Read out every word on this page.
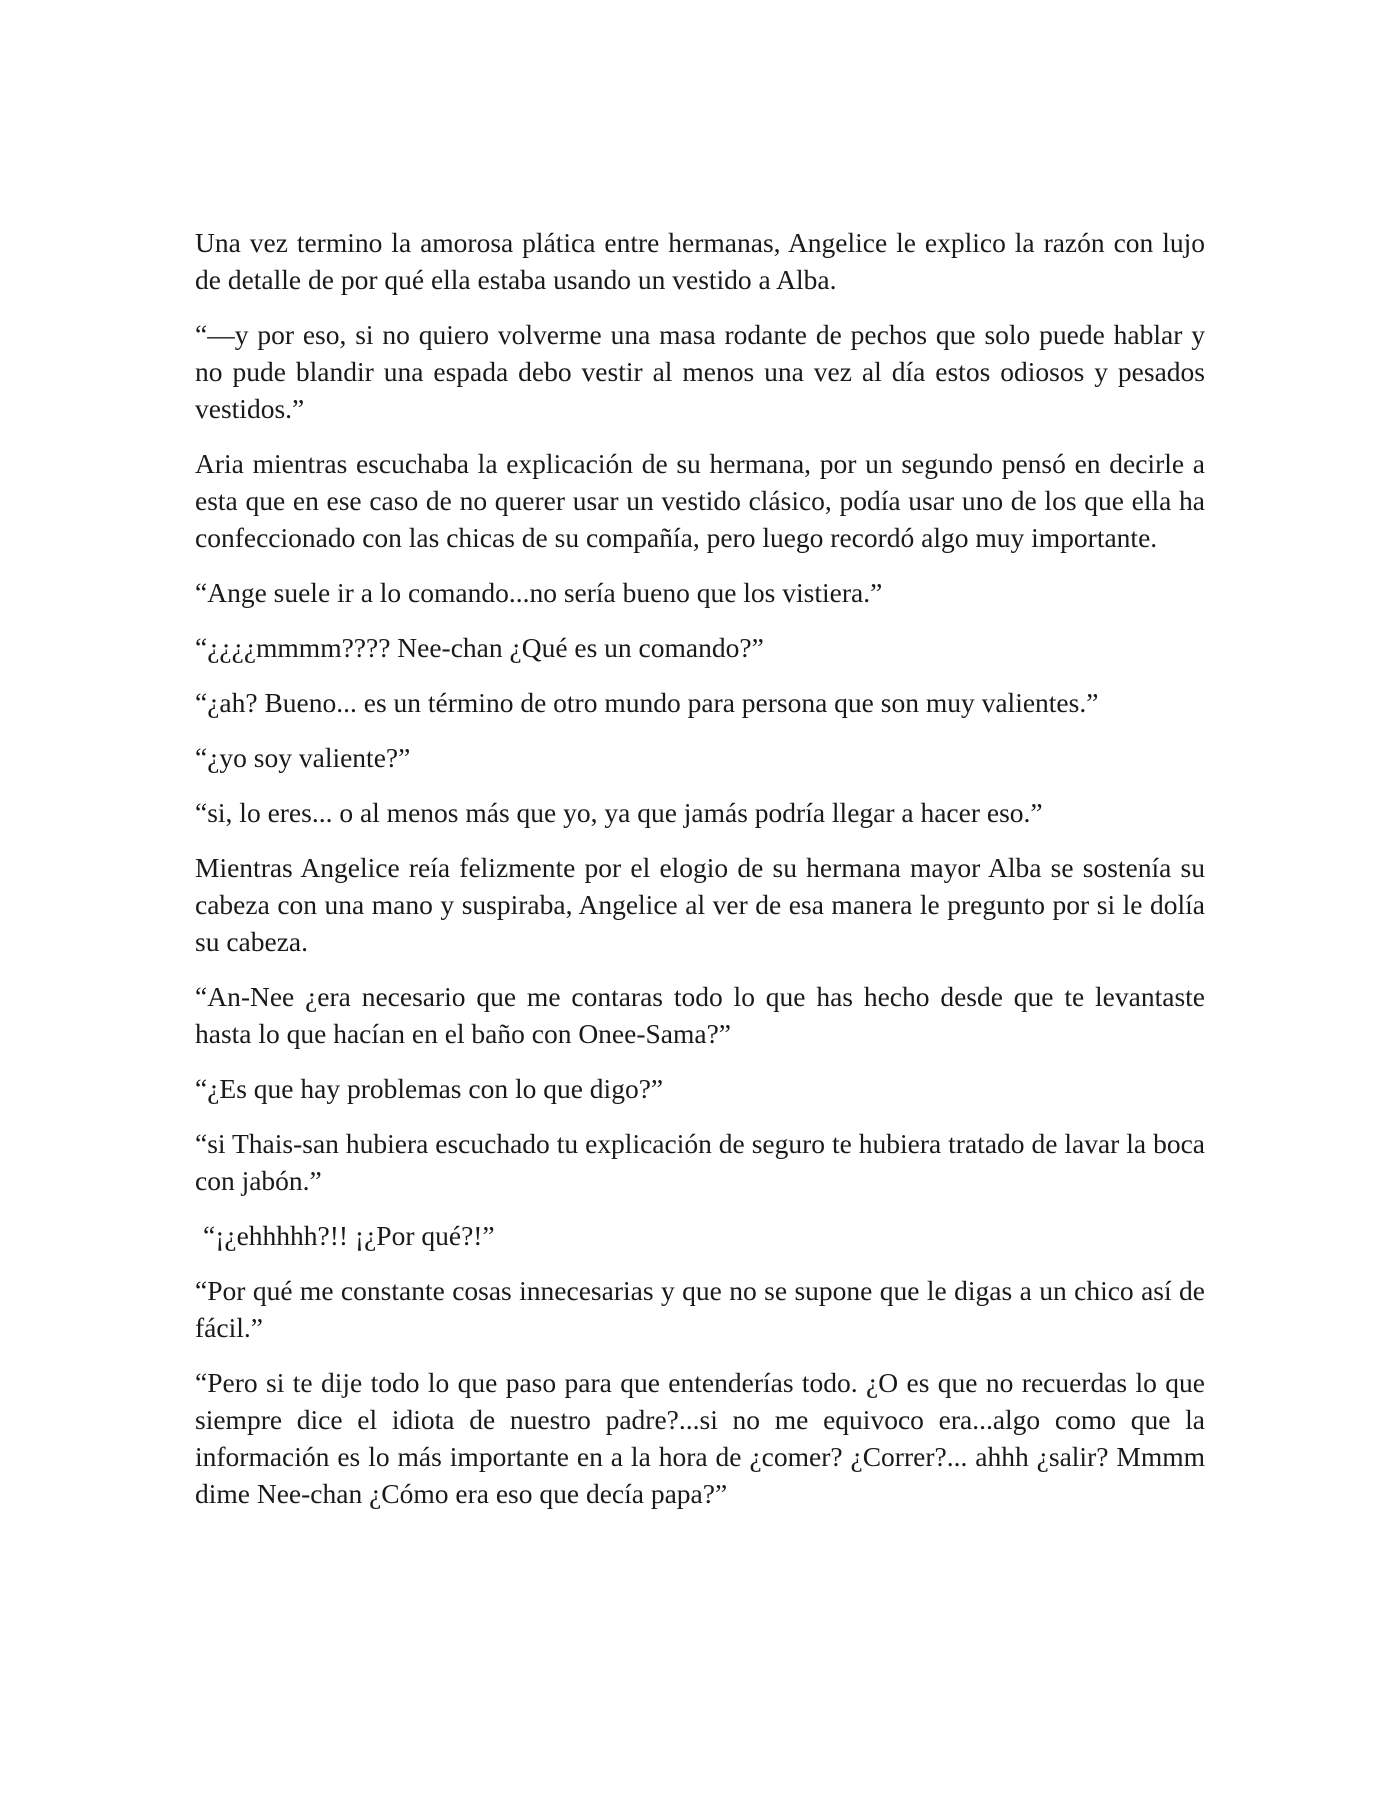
Una vez termino la amorosa plática entre hermanas, Angelice le explico la razón con lujo de detalle de por qué ella estaba usando un vestido a Alba.

“—y por eso, si no quiero volverme una masa rodante de pechos que solo puede hablar y no pude blandir una espada debo vestir al menos una vez al día estos odiosos y pesados vestidos.”

Aria mientras escuchaba la explicación de su hermana, por un segundo pensó en decirle a esta que en ese caso de no querer usar un vestido clásico, podía usar uno de los que ella ha confeccionado con las chicas de su compañía, pero luego recordó algo muy importante.

“Ange suele ir a lo comando...no sería bueno que los vistiera.”

“¿¿¿¿mmmm???? Nee-chan ¿Qué es un comando?”

“¿ah? Bueno... es un término de otro mundo para persona que son muy valientes.”

“¿yo soy valiente?”

“si, lo eres... o al menos más que yo, ya que jamás podría llegar a hacer eso.”

Mientras Angelice reía felizmente por el elogio de su hermana mayor Alba se sostenía su cabeza con una mano y suspiraba, Angelice al ver de esa manera le pregunto por si le dolía su cabeza.

“An-Nee ¿era necesario que me contaras todo lo que has hecho desde que te levantaste hasta lo que hacían en el baño con Onee-Sama?”

“¿Es que hay problemas con lo que digo?”

“si Thais-san hubiera escuchado tu explicación de seguro te hubiera tratado de lavar la boca con jabón.”

“¡¿ehhhhh?!! ¡¿Por qué?!”

“Por qué me constante cosas innecesarias y que no se supone que le digas a un chico así de fácil.”

“Pero si te dije todo lo que paso para que entenderías todo. ¿O es que no recuerdas lo que siempre dice el idiota de nuestro padre?...si no me equivoco era...algo como que la información es lo más importante en a la hora de ¿comer? ¿Correr?... ahhh ¿salir? Mmmm dime Nee-chan ¿Cómo era eso que decía papa?”
